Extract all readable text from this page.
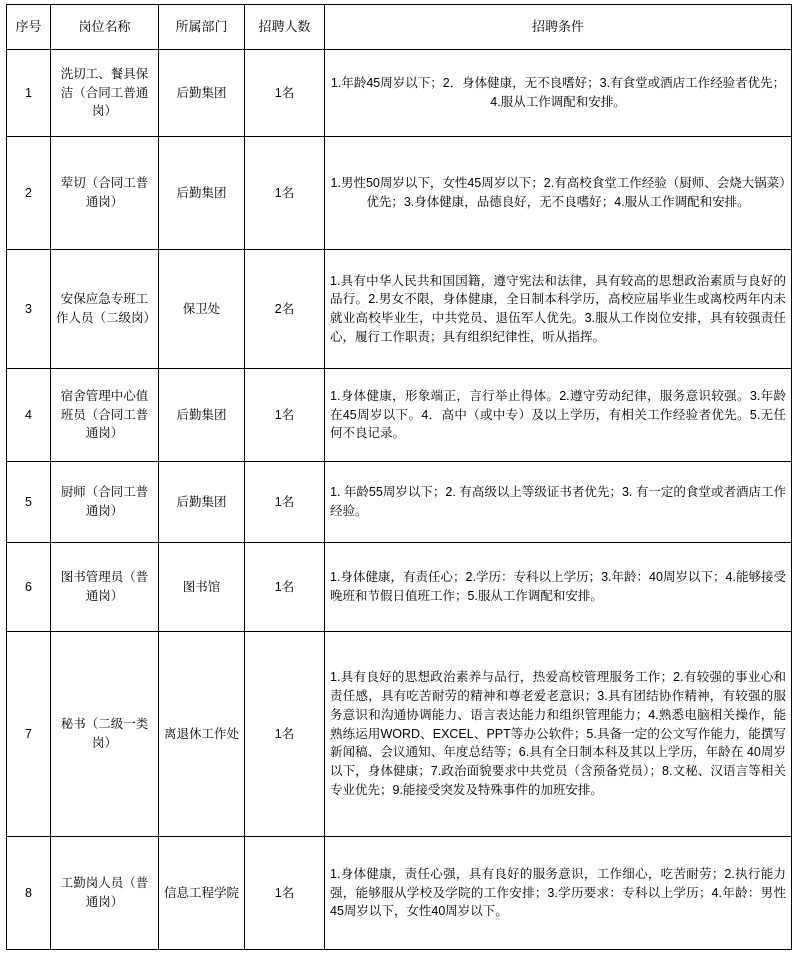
序号	岗位名称	所属部门	招聘人数	招聘条件
1	洗切工、餐具保洁（合同工普通岗）	后勤集团	1名	1.年龄45周岁以下；2．身体健康，无不良嗜好；3.有食堂或酒店工作经验者优先；4.服从工作调配和安排。
2	荤切（合同工普通岗）	后勤集团	1名	1.男性50周岁以下，女性45周岁以下；2.有高校食堂工作经验（厨师、会烧大锅菜）优先；3.身体健康，品德良好，无不良嗜好；4.服从工作调配和安排。
3	安保应急专班工作人员（二级岗）	保卫处	2名	1.具有中华人民共和国国籍，遵守宪法和法律，具有较高的思想政治素质与良好的品行。2.男女不限，身体健康，全日制本科学历，高校应届毕业生或离校两年内未就业高校毕业生，中共党员、退伍军人优先。3.服从工作岗位安排，具有较强责任心，履行工作职责；具有组织纪律性，听从指挥。
4	宿舍管理中心值班员（合同工普通岗）	后勤集团	1名	1.身体健康，形象端正，言行举止得体。2.遵守劳动纪律，服务意识较强。3.年龄在45周岁以下。4．高中（或中专）及以上学历，有相关工作经验者优先。5.无任何不良记录。
5	厨师（合同工普通岗）	后勤集团	1名	1. 年龄55周岁以下；2. 有高级以上等级证书者优先；3. 有一定的食堂或者酒店工作经验。
6	图书管理员（普通岗）	图书馆	1名	1.身体健康，有责任心；2.学历：专科以上学历；3.年龄：40周岁以下；4.能够接受晚班和节假日值班工作；5.服从工作调配和安排。
7	秘书（二级一类岗）	离退休工作处	1名	1.具有良好的思想政治素养与品行，热爱高校管理服务工作；2.有较强的事业心和责任感，具有吃苦耐劳的精神和尊老爱老意识；3.具有团结协作精神，有较强的服务意识和沟通协调能力、语言表达能力和组织管理能力；4.熟悉电脑相关操作，能熟练运用WORD、EXCEL、PPT等办公软件；5.具备一定的公文写作能力，能撰写新闻稿、会议通知、年度总结等；6.具有全日制本科及其以上学历，年龄在 40周岁以下，身体健康；7.政治面貌要求中共党员（含预备党员）；8.文秘、汉语言等相关专业优先；9.能接受突发及特殊事件的加班安排。
8	工勤岗人员（普通岗）	信息工程学院	1名	1.身体健康，责任心强，具有良好的服务意识，工作细心，吃苦耐劳；2.执行能力强，能够服从学校及学院的工作安排；3.学历要求：专科以上学历；4.年龄：男性45周岁以下，女性40周岁以下。
